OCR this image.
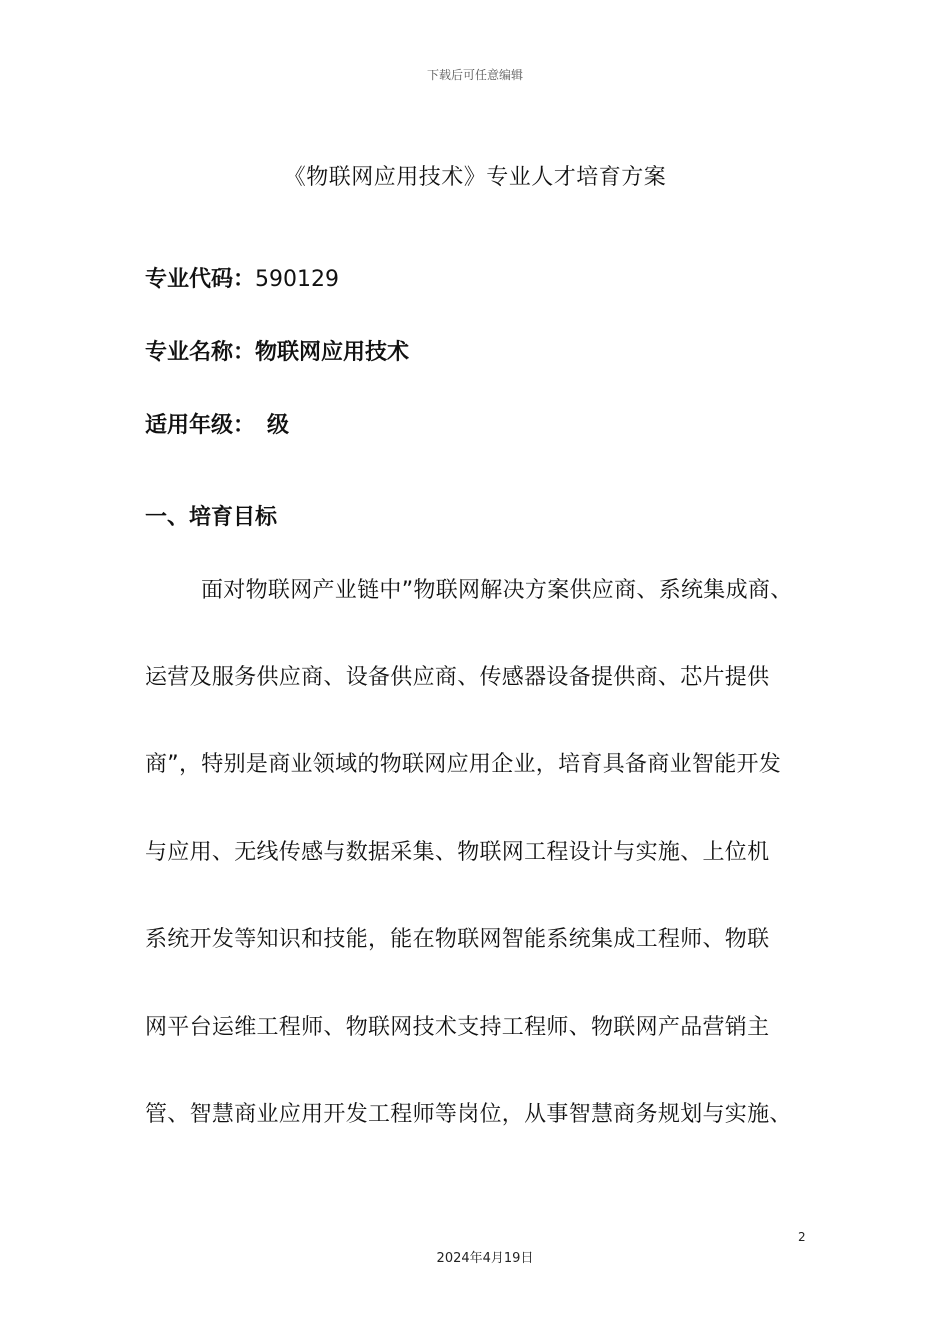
下载后可任意编辑
《物联网应用技术》专业人才培育方案
专业代码：590129
专业名称：物联网应用技术
适用年级： 级
一、培育目标
面对物联网产业链中”物联网解决方案供应商、系统集成商、
运营及服务供应商、设备供应商、传感器设备提供商、芯片提供
商”，特别是商业领域的物联网应用企业，培育具备商业智能开发
与应用、无线传感与数据采集、物联网工程设计与实施、上位机
系统开发等知识和技能，能在物联网智能系统集成工程师、物联
网平台运维工程师、物联网技术支持工程师、物联网产品营销主
管、智慧商业应用开发工程师等岗位，从事智慧商务规划与实施、
2
2024年4月19日
